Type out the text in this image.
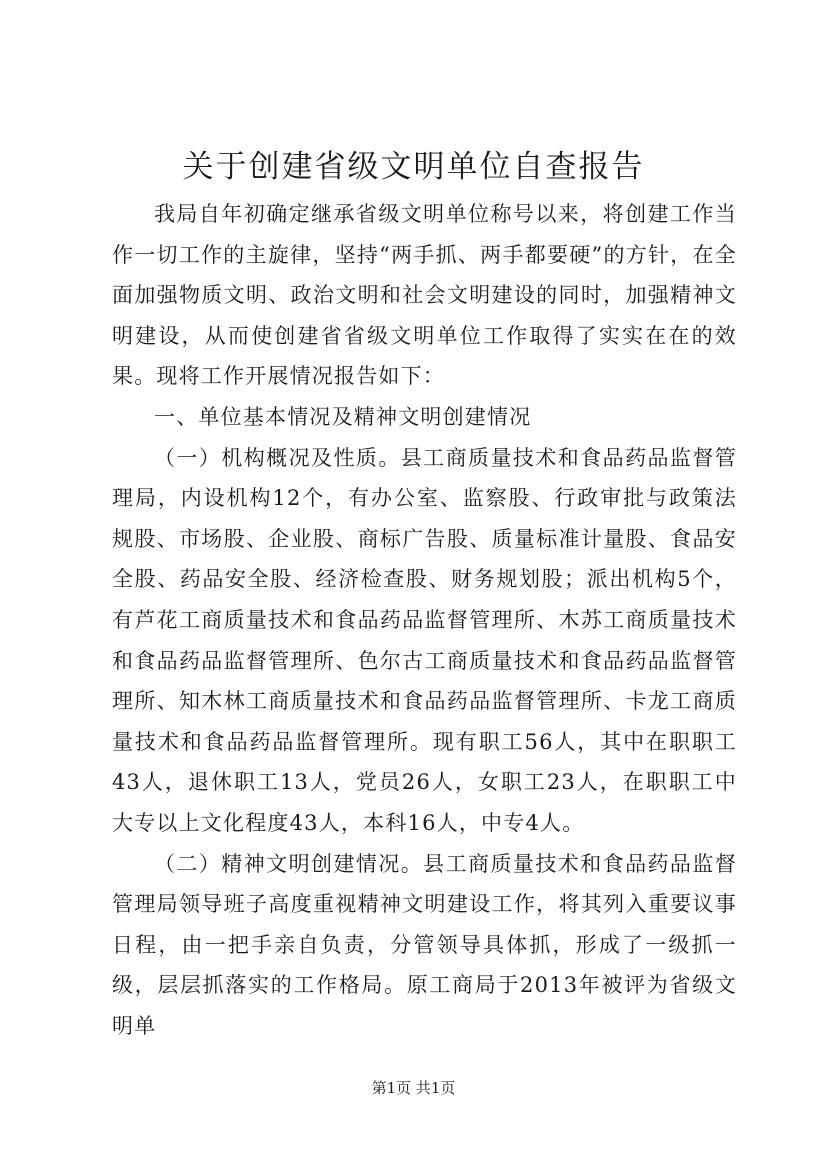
关于创建省级文明单位自查报告

我局自年初确定继承省级文明单位称号以来，将创建工作当作一切工作的主旋律，坚持“两手抓、两手都要硬”的方针，在全面加强物质文明、政治文明和社会文明建设的同时，加强精神文明建设，从而使创建省省级文明单位工作取得了实实在在的效果。现将工作开展情况报告如下：

一、单位基本情况及精神文明创建情况

（一）机构概况及性质。县工商质量技术和食品药品监督管理局，内设机构12个，有办公室、监察股、行政审批与政策法规股、市场股、企业股、商标广告股、质量标准计量股、食品安全股、药品安全股、经济检查股、财务规划股；派出机构5个，有芦花工商质量技术和食品药品监督管理所、木苏工商质量技术和食品药品监督管理所、色尔古工商质量技术和食品药品监督管理所、知木林工商质量技术和食品药品监督管理所、卡龙工商质量技术和食品药品监督管理所。现有职工56人，其中在职职工43人，退休职工13人，党员26人，女职工23人，在职职工中大专以上文化程度43人，本科16人，中专4人。

（二）精神文明创建情况。县工商质量技术和食品药品监督管理局领导班子高度重视精神文明建设工作，将其列入重要议事日程，由一把手亲自负责，分管领导具体抓，形成了一级抓一级，层层抓落实的工作格局。原工商局于2013年被评为省级文明单

第1页 共1页
